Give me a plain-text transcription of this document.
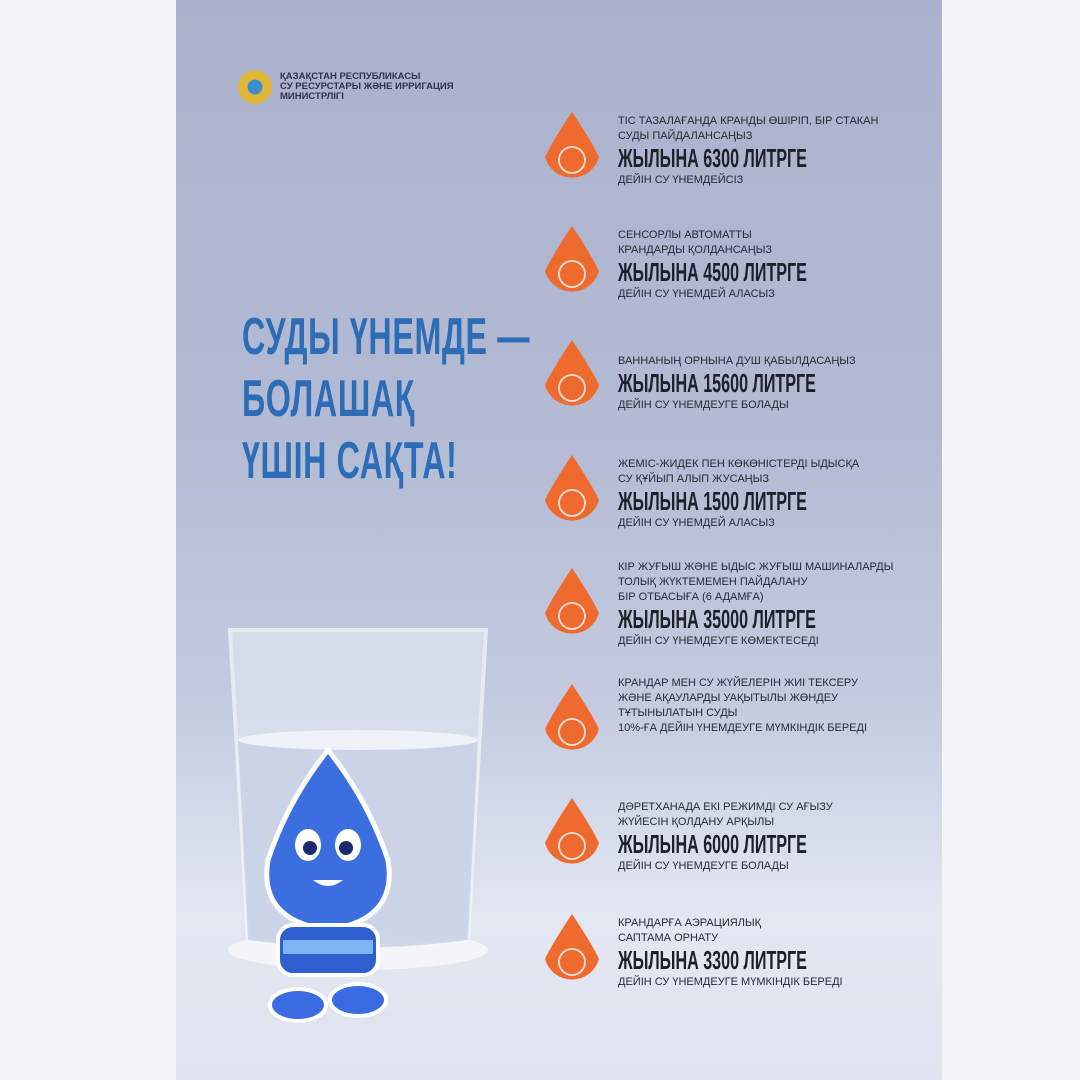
ҚАЗАҚСТАН РЕСПУБЛИКАСЫ
СУ РЕСУРСТАРЫ ЖӘНЕ ИРРИГАЦИЯ
МИНИСТРЛІГІ
СУДЫ ҮНЕМДЕ —
БОЛАШАҚ
ҮШІН САҚТА!
ТІС ТАЗАЛАҒАНДА КРАНДЫ ӨШІРІП, БІР СТАКАН
СУДЫ ПАЙДАЛАНСАҢЫЗ
ЖЫЛЫНА 6300 ЛИТРГЕ
ДЕЙІН СУ ҮНЕМДЕЙСІЗ
СЕНСОРЛЫ АВТОМАТТЫ
КРАНДАРДЫ ҚОЛДАНСАҢЫЗ
ЖЫЛЫНА 4500 ЛИТРГЕ
ДЕЙІН СУ ҮНЕМДЕЙ АЛАСЫЗ
ВАННАНЫҢ ОРНЫНА ДУШ ҚАБЫЛДАСАҢЫЗ
ЖЫЛЫНА 15600 ЛИТРГЕ
ДЕЙІН СУ ҮНЕМДЕУГЕ БОЛАДЫ
ЖЕМІС-ЖИДЕК ПЕН КӨКӨНІСТЕРДІ ЫДЫСҚА
СУ ҚҰЙЫП АЛЫП ЖУСАҢЫЗ
ЖЫЛЫНА 1500 ЛИТРГЕ
ДЕЙІН СУ ҮНЕМДЕЙ АЛАСЫЗ
КІР ЖУҒЫШ ЖӘНЕ ЫДЫС ЖУҒЫШ МАШИНАЛАРДЫ
ТОЛЫҚ ЖҮКТЕМЕМЕН ПАЙДАЛАНУ
БІР ОТБАСЫҒА (6 АДАМҒА)
ЖЫЛЫНА 35000 ЛИТРГЕ
ДЕЙІН СУ ҮНЕМДЕУГЕ КӨМЕКТЕСЕДІ
КРАНДАР МЕН СУ ЖҮЙЕЛЕРІН ЖИІ ТЕКСЕРУ
ЖӘНЕ АҚАУЛАРДЫ УАҚЫТЫЛЫ ЖӨНДЕУ
ТҰТЫНЫЛАТЫН СУДЫ
10%-ҒА ДЕЙІН ҮНЕМДЕУГЕ МҮМКІНДІК БЕРЕДІ
ДӘРЕТХАНАДА ЕКІ РЕЖИМДІ СУ АҒЫЗУ
ЖҮЙЕСІН ҚОЛДАНУ АРҚЫЛЫ
ЖЫЛЫНА 6000 ЛИТРГЕ
ДЕЙІН СУ ҮНЕМДЕУГЕ БОЛАДЫ
КРАНДАРҒА АЭРАЦИЯЛЫҚ
САПТАМА ОРНАТУ
ЖЫЛЫНА 3300 ЛИТРГЕ
ДЕЙІН СУ ҮНЕМДЕУГЕ МҮМКІНДІК БЕРЕДІ
